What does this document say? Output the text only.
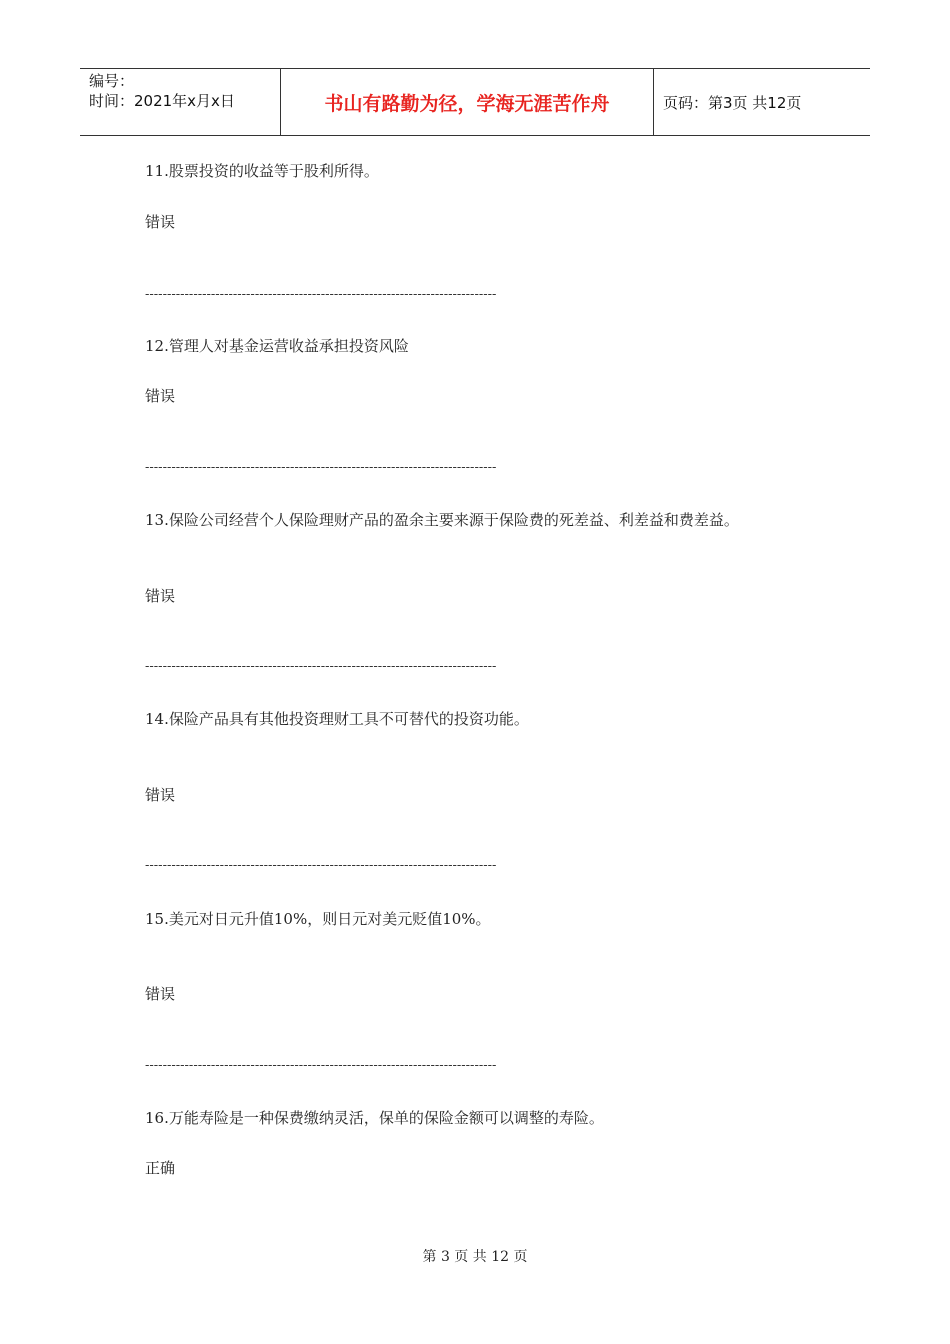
编号：
时间：2021年x月x日	书山有路勤为径，学海无涯苦作舟	页码：第3页 共12页
11.股票投资的收益等于股利所得。
错误
--------------------------------------------------------------------------------
12.管理人对基金运营收益承担投资风险
错误
--------------------------------------------------------------------------------
13.保险公司经营个人保险理财产品的盈余主要来源于保险费的死差益、利差益和费差益。
错误
--------------------------------------------------------------------------------
14.保险产品具有其他投资理财工具不可替代的投资功能。
错误
--------------------------------------------------------------------------------
15.美元对日元升值10%，则日元对美元贬值10%。
错误
--------------------------------------------------------------------------------
16.万能寿险是一种保费缴纳灵活，保单的保险金额可以调整的寿险。
正确
第 3 页 共 12 页
